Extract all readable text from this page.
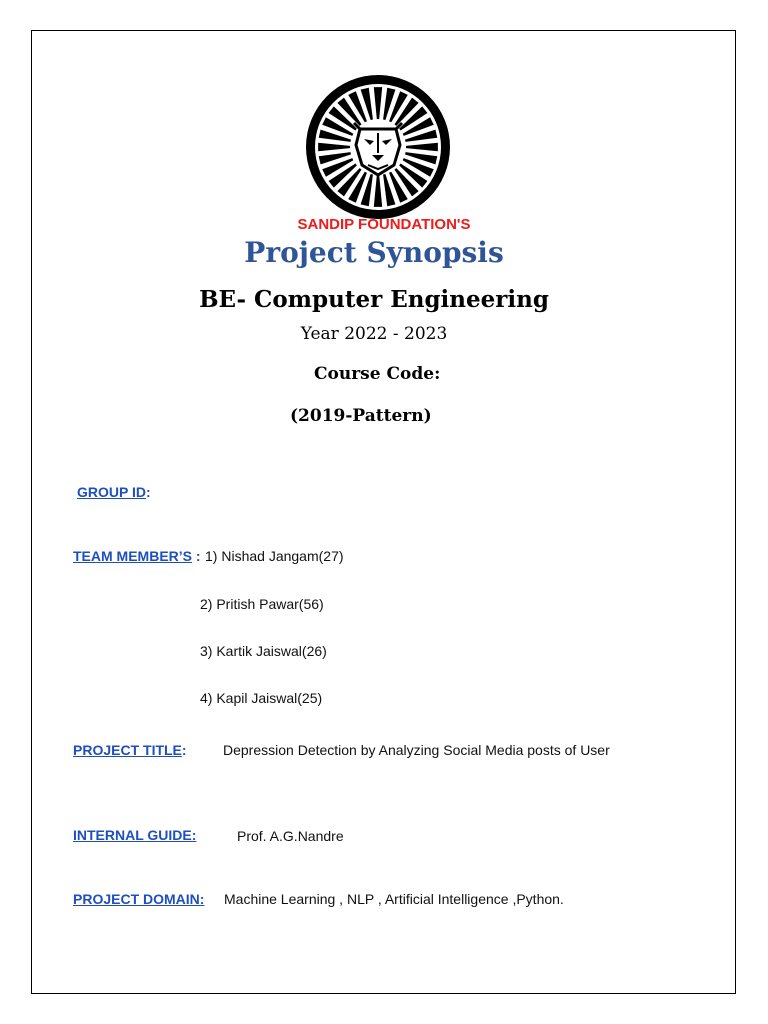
SANDIP FOUNDATION'S
Project Synopsis
BE- Computer Engineering
Year 2022 - 2023
Course Code:
(2019-Pattern)
GROUP ID:
TEAM MEMBER’S : 1) Nishad Jangam(27)
2) Pritish Pawar(56)
3) Kartik Jaiswal(26)
4) Kapil Jaiswal(25)
PROJECT TITLE:	Depression Detection by Analyzing Social Media posts of User
INTERNAL GUIDE:	Prof. A.G.Nandre
PROJECT DOMAIN: Machine Learning , NLP , Artificial Intelligence ,Python.
